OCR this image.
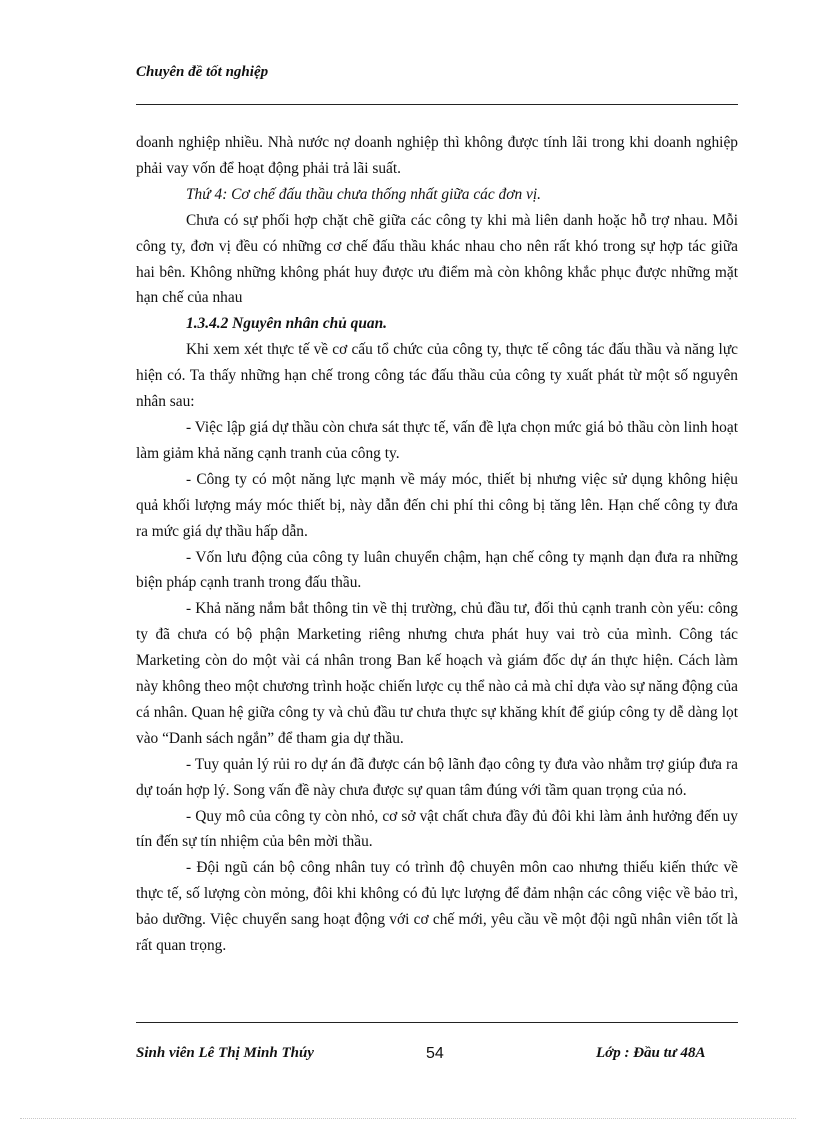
Chuyên đề tốt nghiệp

doanh nghiệp nhiều. Nhà nước nợ doanh nghiệp thì không được tính lãi trong khi doanh nghiệp phải vay vốn để hoạt động phải trả lãi suất.

Thứ 4: Cơ chế đấu thầu chưa thống nhất giữa các đơn vị.

Chưa có sự phối hợp chặt chẽ giữa các công ty khi mà liên danh hoặc hỗ trợ nhau. Mỗi công ty, đơn vị đều có những cơ chế đấu thầu khác nhau cho nên rất khó trong sự hợp tác giữa hai bên. Không những không phát huy được ưu điểm mà còn không khắc phục được những mặt hạn chế của nhau

1.3.4.2 Nguyên nhân chủ quan.

Khi xem xét thực tế về cơ cấu tổ chức của công ty, thực tế công tác đấu thầu và năng lực hiện có. Ta thấy những hạn chế trong công tác đấu thầu của công ty xuất phát từ một số nguyên nhân sau:

- Việc lập giá dự thầu còn chưa sát thực tế, vấn đề lựa chọn mức giá bỏ thầu còn linh hoạt làm giảm khả năng cạnh tranh của công ty.

- Công ty có một năng lực mạnh về máy móc, thiết bị nhưng việc sử dụng không hiệu quả khối lượng máy móc thiết bị, này dẫn đến chi phí thi công bị tăng lên. Hạn chế công ty đưa ra mức giá dự thầu hấp dẫn.

- Vốn lưu động của công ty luân chuyển chậm, hạn chế công ty mạnh dạn đưa ra những biện pháp cạnh tranh trong đấu thầu.

- Khả năng nắm bắt thông tin về thị trường, chủ đầu tư, đối thủ cạnh tranh còn yếu: công ty đã chưa có bộ phận Marketing riêng nhưng chưa phát huy vai trò của mình. Công tác Marketing còn do một vài cá nhân trong Ban kế hoạch và giám đốc dự án thực hiện. Cách làm này không theo một chương trình hoặc chiến lược cụ thể nào cả mà chỉ dựa vào sự năng động của cá nhân. Quan hệ giữa công ty và chủ đầu tư chưa thực sự khăng khít để giúp công ty dễ dàng lọt vào “Danh sách ngắn” để tham gia dự thầu.

- Tuy quản lý rủi ro dự án đã được cán bộ lãnh đạo công ty đưa vào nhằm trợ giúp đưa ra dự toán hợp lý. Song vấn đề này chưa được sự quan tâm đúng với tầm quan trọng của nó.

- Quy mô của công ty còn nhỏ, cơ sở vật chất chưa đầy đủ đôi khi làm ảnh hưởng đến uy tín đến sự tín nhiệm của bên mời thầu.

- Đội ngũ cán bộ công nhân tuy có trình độ chuyên môn cao nhưng thiếu kiến thức về thực tế, số lượng còn mỏng, đôi khi không có đủ lực lượng để đảm nhận các công việc về bảo trì, bảo dưỡng. Việc chuyển sang hoạt động với cơ chế mới, yêu cầu về một đội ngũ nhân viên tốt là rất quan trọng.

Sinh viên Lê Thị Minh Thúy	54	Lớp : Đầu tư 48A
